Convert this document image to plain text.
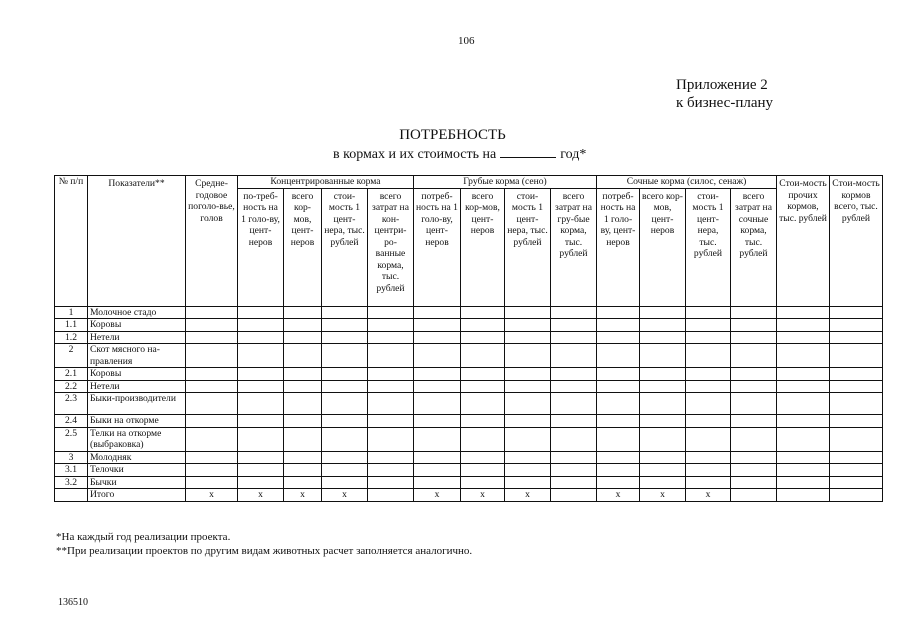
106
Приложение 2
к бизнес-плану
ПОТРЕБНОСТЬ
в кормах и их стоимость на	год*
№ п/п	Показатели**	Средне-годовое поголо-вье, голов	Концентрированные корма				Грубые корма (сено)				Сочные корма (силос, сенаж)				Стои-мость прочих кормов, тыс. рублей	Стои-мость кормов всего, тыс. рублей
			по-треб-ность на 1 голо-ву, цент-неров	всего кор-мов, цент-неров	стои-мость 1 цент-нера, тыс. рублей	всего затрат на кон-центри-ро-ванные корма, тыс. рублей	потреб-ность на 1 голо-ву, цент-неров	всего кор-мов, цент-неров	стои-мость 1 цент-нера, тыс. рублей	всего затрат на гру-бые корма, тыс. рублей	потреб-ность на 1 голо-ву, цент-неров	всего кор-мов, цент-неров	стои-мость 1 цент-нера, тыс. рублей	всего затрат на сочные корма, тыс. рублей		
1	Молочное стадо															
1.1	Коровы															
1.2	Нетели															
2	Скот мясного на-правления															
2.1	Коровы															
2.2	Нетели															
2.3	Быки-производители															
2.4	Быки на откорме															
2.5	Телки на откорме (выбраковка)															
3	Молодняк															
3.1	Телочки															
3.2	Бычки															
	Итого	х	х	х	х		х	х	х		х	х	х			
*На каждый год реализации проекта.
**При реализации проектов по другим видам животных расчет заполняется аналогично.
136510
